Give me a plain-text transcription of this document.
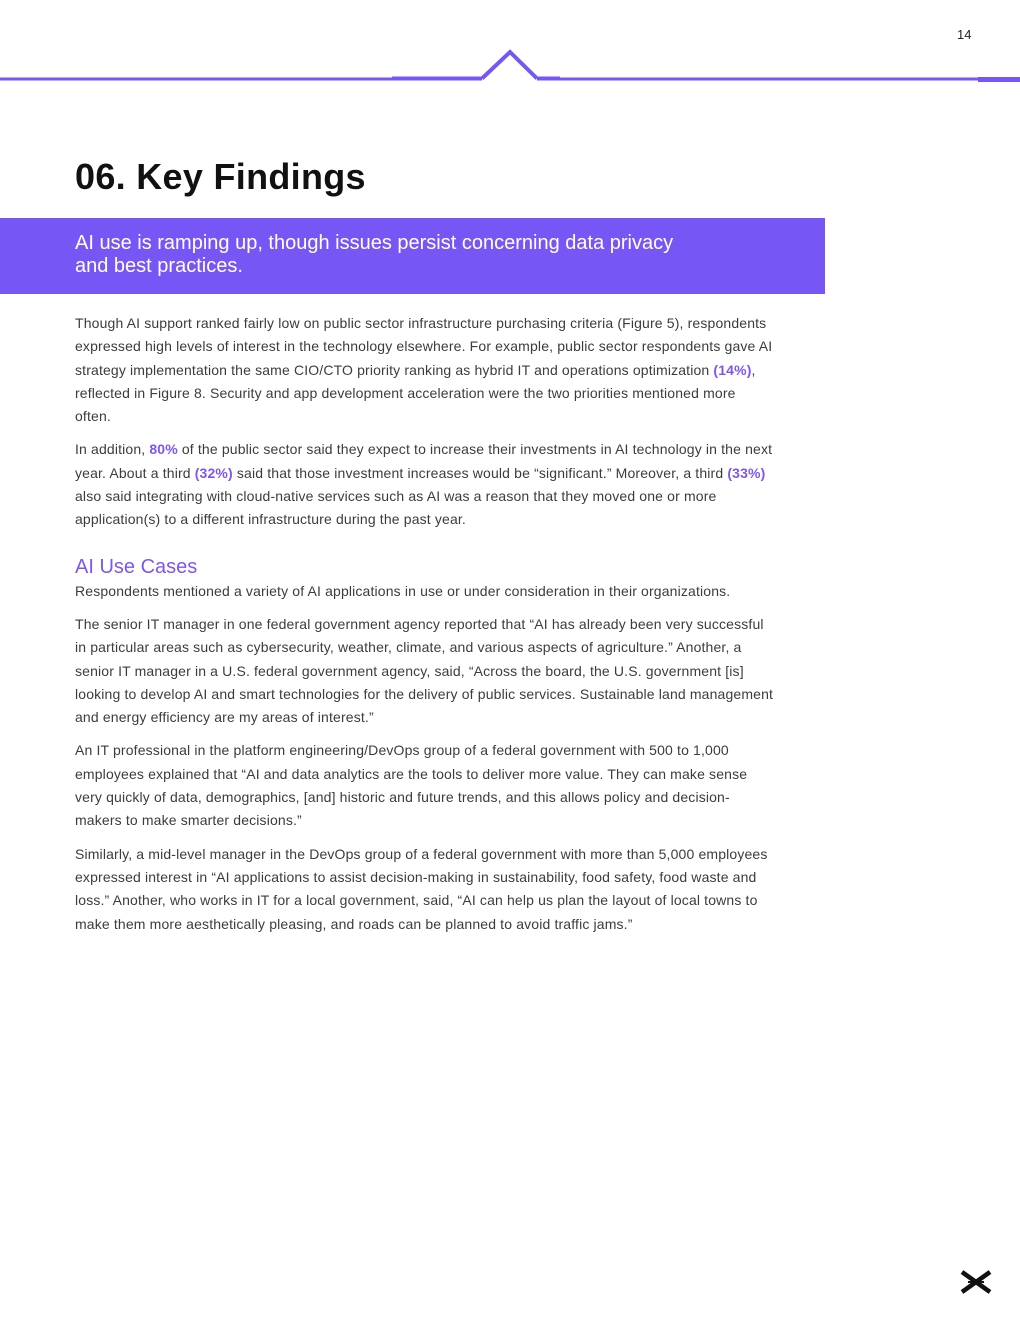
14
06. Key Findings

AI use is ramping up, though issues persist concerning data privacy and best practices.

Though AI support ranked fairly low on public sector infrastructure purchasing criteria (Figure 5), respondents expressed high levels of interest in the technology elsewhere. For example, public sector respondents gave AI strategy implementation the same CIO/CTO priority ranking as hybrid IT and operations optimization (14%), reflected in Figure 8. Security and app development acceleration were the two priorities mentioned more often.

In addition, 80% of the public sector said they expect to increase their investments in AI technology in the next year. About a third (32%) said that those investment increases would be “significant.” Moreover, a third (33%) also said integrating with cloud-native services such as AI was a reason that they moved one or more application(s) to a different infrastructure during the past year.

AI Use Cases

Respondents mentioned a variety of AI applications in use or under consideration in their organizations.

The senior IT manager in one federal government agency reported that “AI has already been very successful in particular areas such as cybersecurity, weather, climate, and various aspects of agriculture.” Another, a senior IT manager in a U.S. federal government agency, said, “Across the board, the U.S. government [is] looking to develop AI and smart technologies for the delivery of public services. Sustainable land management and energy efficiency are my areas of interest.”

An IT professional in the platform engineering/DevOps group of a federal government with 500 to 1,000 employees explained that “AI and data analytics are the tools to deliver more value. They can make sense very quickly of data, demographics, [and] historic and future trends, and this allows policy and decision-makers to make smarter decisions.”

Similarly, a mid-level manager in the DevOps group of a federal government with more than 5,000 employees expressed interest in “AI applications to assist decision-making in sustainability, food safety, food waste and loss.” Another, who works in IT for a local government, said, “AI can help us plan the layout of local towns to make them more aesthetically pleasing, and roads can be planned to avoid traffic jams.”
